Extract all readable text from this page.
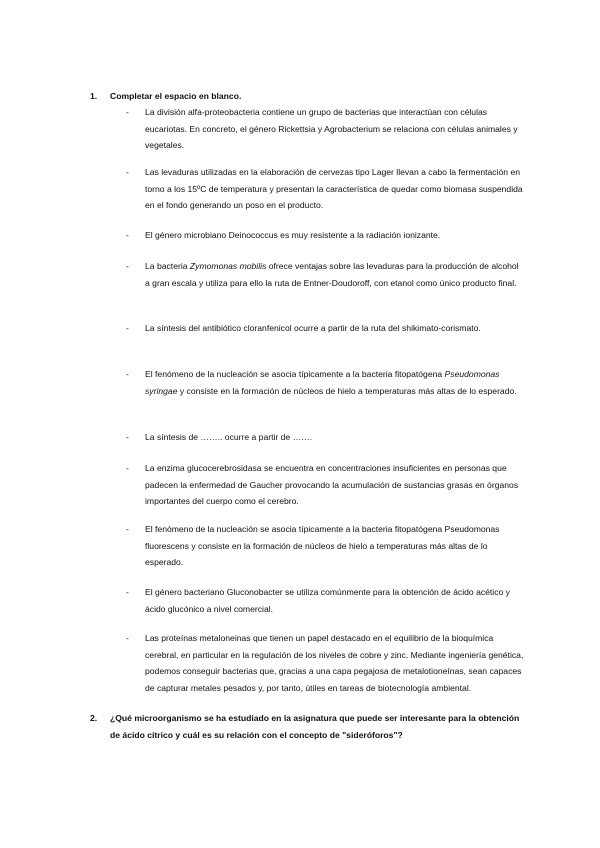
1. Completar el espacio en blanco.
- La división alfa-proteobacteria contiene un grupo de bacterias que interactúan con células eucariotas. En concreto, el género Rickettsia y Agrobacterium se relaciona con células animales y vegetales.
- Las levaduras utilizadas en la elaboración de cervezas tipo Lager llevan a cabo la fermentación en torno a los 15ºC de temperatura y presentan la característica de quedar como biomasa suspendida en el fondo generando un poso en el producto.
- El género microbiano Deinococcus es muy resistente a la radiación ionizante.
- La bacteria Zymomonas mobilis ofrece ventajas sobre las levaduras para la producción de alcohol a gran escala y utiliza para ello la ruta de Entner-Doudoroff, con etanol como único producto final.
- La síntesis del antibiótico cloranfenicol ocurre a partir de la ruta del shikimato-corismato.
- El fenómeno de la nucleación se asocia típicamente a la bacteria fitopatógena Pseudomonas syringae y consiste en la formación de núcleos de hielo a temperaturas más altas de lo esperado.
- La síntesis de …….. ocurre a partir de …….
- La enzima glucocerebrosidasa se encuentra en concentraciones insuficientes en personas que padecen la enfermedad de Gaucher provocando la acumulación de sustancias grasas en órganos importantes del cuerpo como el cerebro.
- El fenómeno de la nucleación se asocia típicamente a la bacteria fitopatógena Pseudomonas fluorescens y consiste en la formación de núcleos de hielo a temperaturas más altas de lo esperado.
- El género bacteriano Gluconobacter se utiliza comúnmente para la obtención de ácido acético y ácido glucónico a nivel comercial.
- Las proteínas metaloneinas que tienen un papel destacado en el equilibrio de la bioquímica cerebral, en particular en la regulación de los niveles de cobre y zinc. Mediante ingeniería genética, podemos conseguir bacterias que, gracias a una capa pegajosa de metalotioneínas, sean capaces de capturar metales pesados y, por tanto, útiles en tareas de biotecnología ambiental.
2. ¿Qué microorganismo se ha estudiado en la asignatura que puede ser interesante para la obtención de ácido cítrico y cuál es su relación con el concepto de "sideróforos"?
